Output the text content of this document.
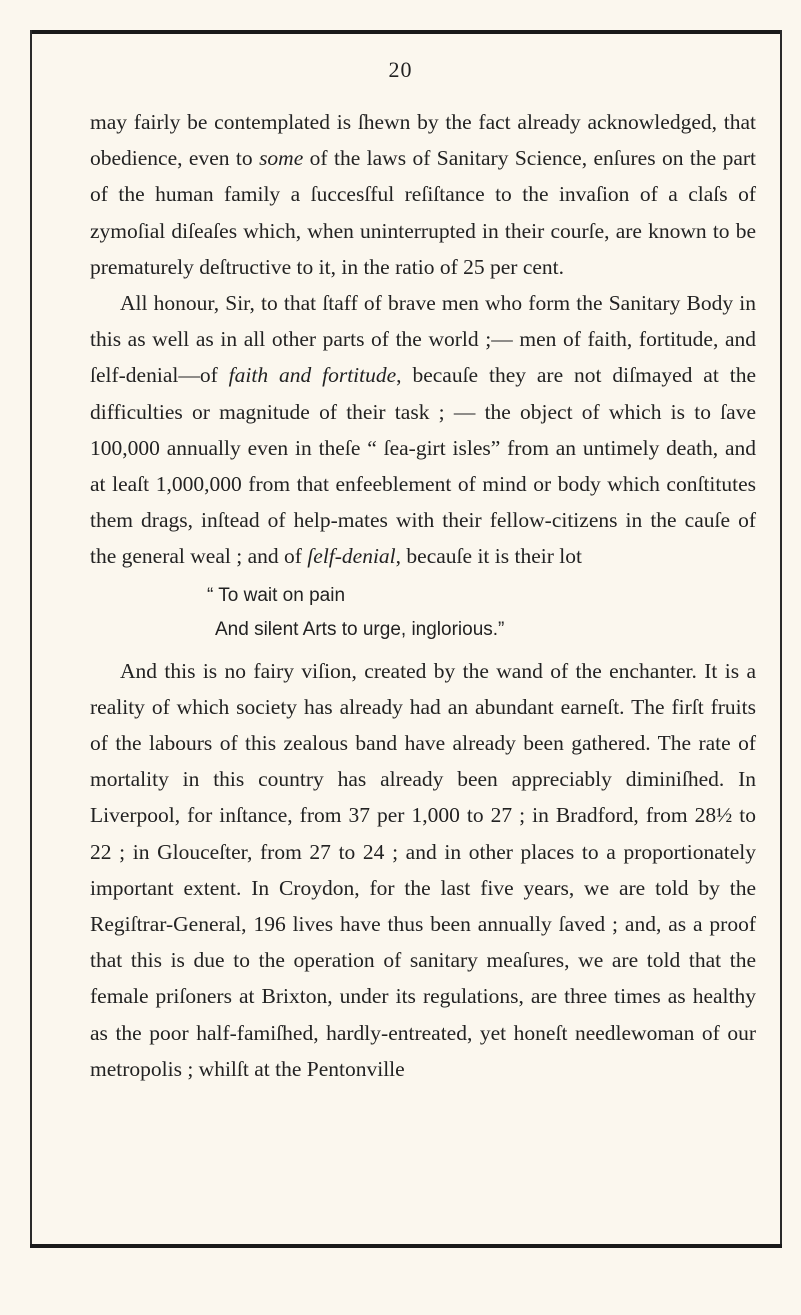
20

may fairly be contemplated is ſhewn by the fact already acknowledged, that obedience, even to some of the laws of Sanitary Science, enſures on the part of the human family a ſuccesſful reſiſtance to the invaſion of a claſs of zymoſial diſeaſes which, when uninterrupted in their courſe, are known to be prematurely deſtructive to it, in the ratio of 25 per cent.

All honour, Sir, to that ſtaff of brave men who form the Sanitary Body in this as well as in all other parts of the world ;— men of faith, fortitude, and ſelf-denial—of faith and fortitude, becauſe they are not diſmayed at the difficulties or magnitude of their task ; — the object of which is to ſave 100,000 annually even in theſe “ ſea-girt isles” from an untimely death, and at leaſt 1,000,000 from that enfeeblement of mind or body which conſtitutes them drags, inſtead of help-mates with their fellow-citizens in the cauſe of the general weal ; and of ſelf-denial, becauſe it is their lot

“ To wait on pain
And silent Arts to urge, inglorious.”

And this is no fairy viſion, created by the wand of the enchanter. It is a reality of which society has already had an abundant earneſt. The firſt fruits of the labours of this zealous band have already been gathered. The rate of mortality in this country has already been appreciably diminiſhed. In Liverpool, for inſtance, from 37 per 1,000 to 27 ; in Bradford, from 28½ to 22 ; in Glouceſter, from 27 to 24 ; and in other places to a proportionately important extent. In Croydon, for the last five years, we are told by the Regiſtrar-General, 196 lives have thus been annually ſaved ; and, as a proof that this is due to the operation of sanitary meaſures, we are told that the female priſoners at Brixton, under its regulations, are three times as healthy as the poor half-famiſhed, hardly-entreated, yet honeſt needlewoman of our metropolis ; whilſt at the Pentonville
